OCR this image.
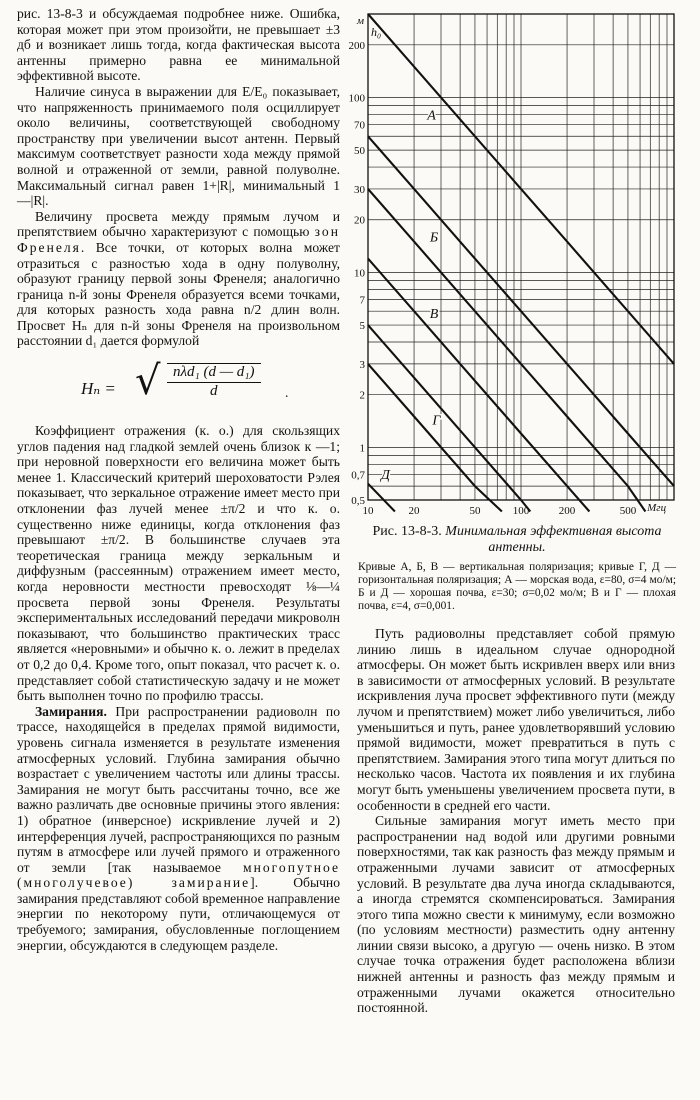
рис. 13-8-3 и обсуждаемая подробнее ниже. Ошибка, которая может при этом произойти, не превышает ±3 дб и возникает лишь тогда, когда фактическая высота антенны примерно равна ее минимальной эффективной высоте.

Наличие синуса в выражении для E/E₀ показывает, что напряженность принимаемого поля осциллирует около величины, соответствующей свободному пространству при увеличении высот антенн. Первый максимум соответствует разности хода между прямой волной и отраженной от земли, равной полуволне. Максимальный сигнал равен 1+|R|, минимальный 1—|R|.

Величину просвета между прямым лучом и препятствием обычно характеризуют с помощью зон Френеля. Все точки, от которых волна может отразиться с разностью хода в одну полуволну, образуют границу первой зоны Френеля; аналогично граница n-й зоны Френеля образуется всеми точками, для которых разность хода равна n/2 длин волн. Просвет Hₙ для n-й зоны Френеля на произвольном расстоянии d₁ дается формулой

Hₙ = √ nλd₁ (d — d₁)
d	.

Коэффициент отражения (к. о.) для скользящих углов падения над гладкой землей очень близок к —1; при неровной поверхности его величина может быть менее 1. Классический критерий шероховатости Рэлея показывает, что зеркальное отражение имеет место при отклонении фаз лучей менее ±π/2 и что к. о. существенно ниже единицы, когда отклонения фаз превышают ±π/2. В большинстве случаев эта теоретическая граница между зеркальным и диффузным (рассеянным) отражением имеет место, когда неровности местности превосходят ⅛—¼ просвета первой зоны Френеля. Результаты экспериментальных исследований передачи микроволн показывают, что большинство практических трасс является «неровными» и обычно к. о. лежит в пределах от 0,2 до 0,4. Кроме того, опыт показал, что расчет к. о. представляет собой статистическую задачу и не может быть выполнен точно по профилю трассы.

Замирания. При распространении радиоволн по трассе, находящейся в пределах прямой видимости, уровень сигнала изменяется в результате изменения атмосферных условий. Глубина замирания обычно возрастает с увеличением частоты или длины трассы. Замирания не могут быть рассчитаны точно, все же важно различать две основные причины этого явления: 1) обратное (инверсное) искривление лучей и 2) интерференция лучей, распространяющихся по разным путям в атмосфере или лучей прямого и отраженного от земли [так называемое многопутное (многолучевое) замирание]. Обычно замирания представляют собой временное направление энергии по некоторому пути, отличающемуся от требуемого; замирания, обусловленные поглощением энергии, обсуждаются в следующем разделе.

А
Б
В
Г
Д
200
100
70
50
30
20
10
7
5
3
2
1
0,7
0,5
10	20	50	100	200	500 Мгц
м
h₀
Рис. 13-8-3. Минимальная эффективная высота антенны.
Кривые А, Б, В — вертикальная поляризация; кривые Г, Д — горизонтальная поляризация; А — морская вода, ε=80, σ=4 мо/м; Б и Д — хорошая почва, ε=30; σ=0,02 мо/м; В и Г — плохая почва, ε=4, σ=0,001.

Путь радиоволны представляет собой прямую линию лишь в идеальном случае однородной атмосферы. Он может быть искривлен вверх или вниз в зависимости от атмосферных условий. В результате искривления луча просвет эффективного пути (между лучом и препятствием) может либо увеличиться, либо уменьшиться и путь, ранее удовлетворявший условию прямой видимости, может превратиться в путь с препятствием. Замирания этого типа могут длиться по несколько часов. Частота их появления и их глубина могут быть уменьшены увеличением просвета пути, в особенности в средней его части.

Сильные замирания могут иметь место при распространении над водой или другими ровными поверхностями, так как разность фаз между прямым и отраженными лучами зависит от атмосферных условий. В результате два луча иногда складываются, а иногда стремятся скомпенсироваться. Замирания этого типа можно свести к минимуму, если возможно (по условиям местности) разместить одну антенну линии связи высоко, а другую — очень низко. В этом случае точка отражения будет расположена вблизи нижней антенны и разность фаз между прямым и отраженными лучами окажется относительно постоянной.
